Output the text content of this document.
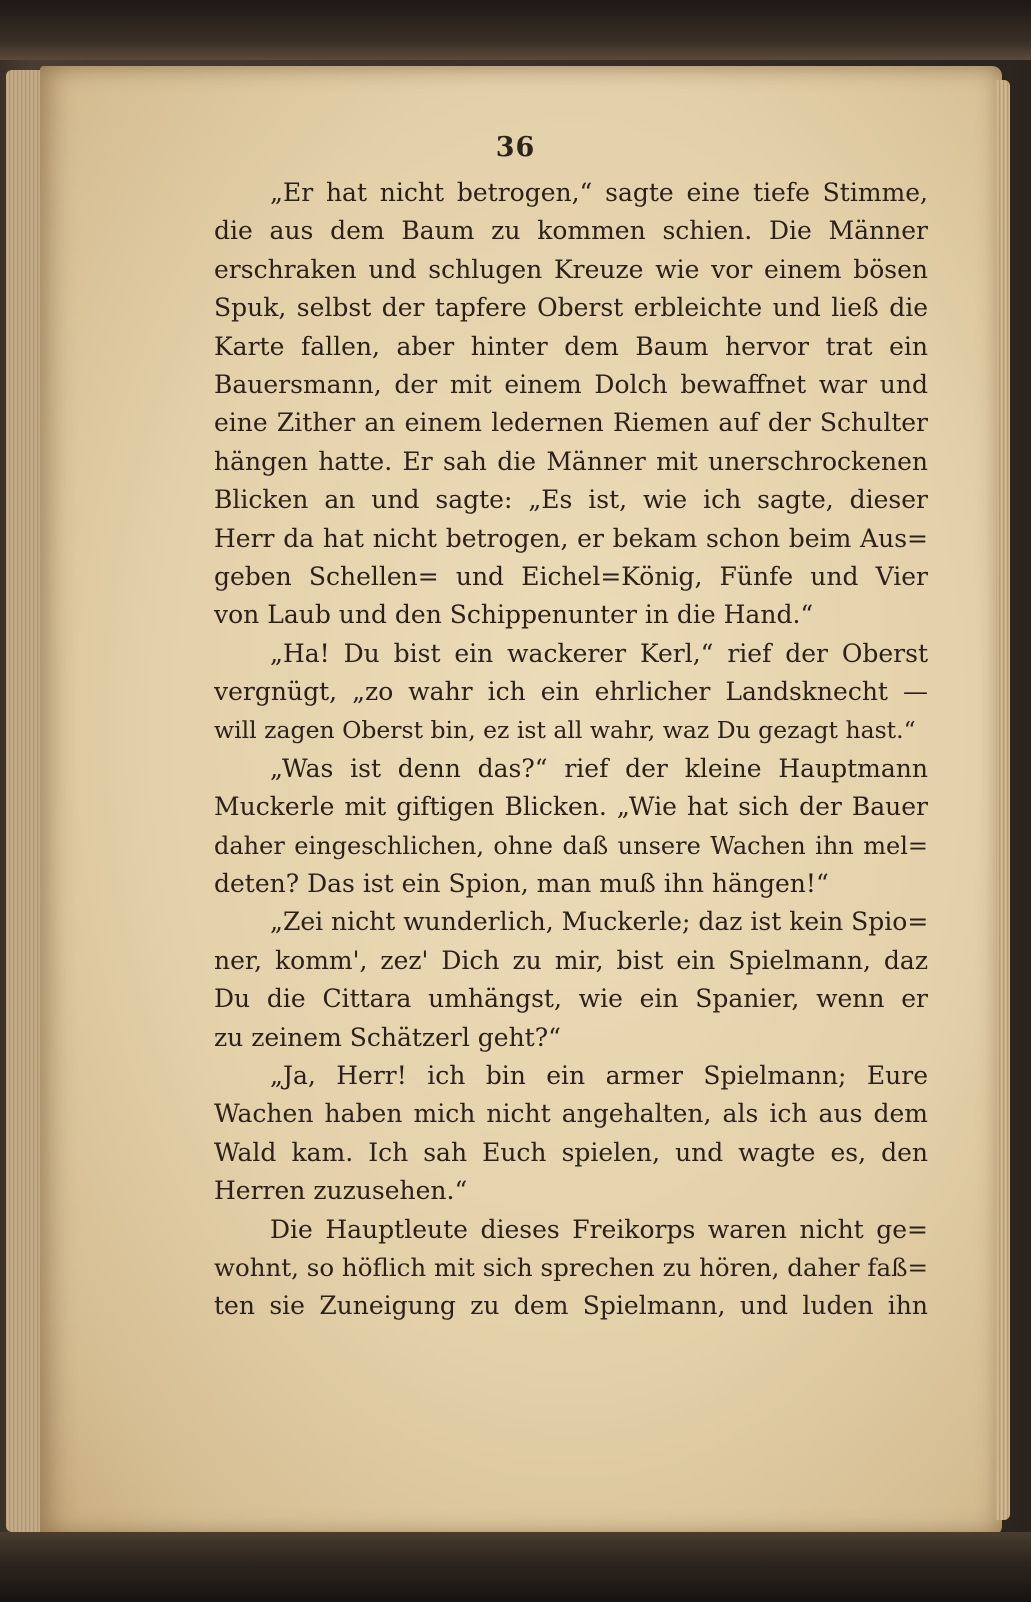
36
„Er hat nicht betrogen,“ sagte eine tiefe Stimme,
die aus dem Baum zu kommen schien. Die Männer
erschraken und schlugen Kreuze wie vor einem bösen
Spuk, selbst der tapfere Oberst erbleichte und ließ die
Karte fallen, aber hinter dem Baum hervor trat ein
Bauersmann, der mit einem Dolch bewaffnet war und
eine Zither an einem ledernen Riemen auf der Schulter
hängen hatte. Er sah die Männer mit unerschrockenen
Blicken an und sagte: „Es ist, wie ich sagte, dieser
Herr da hat nicht betrogen, er bekam schon beim Aus=
geben Schellen= und Eichel=König, Fünfe und Vier
von Laub und den Schippenunter in die Hand.“
„Ha! Du bist ein wackerer Kerl,“ rief der Oberst
vergnügt, „zo wahr ich ein ehrlicher Landsknecht —
will zagen Oberst bin, ez ist all wahr, waz Du gezagt hast.“
„Was ist denn das?“ rief der kleine Hauptmann
Muckerle mit giftigen Blicken. „Wie hat sich der Bauer
daher eingeschlichen, ohne daß unsere Wachen ihn mel=
deten? Das ist ein Spion, man muß ihn hängen!“
„Zei nicht wunderlich, Muckerle; daz ist kein Spio=
ner, komm', zez' Dich zu mir, bist ein Spielmann, daz
Du die Cittara umhängst, wie ein Spanier, wenn er
zu zeinem Schätzerl geht?“
„Ja, Herr! ich bin ein armer Spielmann; Eure
Wachen haben mich nicht angehalten, als ich aus dem
Wald kam. Ich sah Euch spielen, und wagte es, den
Herren zuzusehen.“
Die Hauptleute dieses Freikorps waren nicht ge=
wohnt, so höflich mit sich sprechen zu hören, daher faß=
ten sie Zuneigung zu dem Spielmann, und luden ihn
